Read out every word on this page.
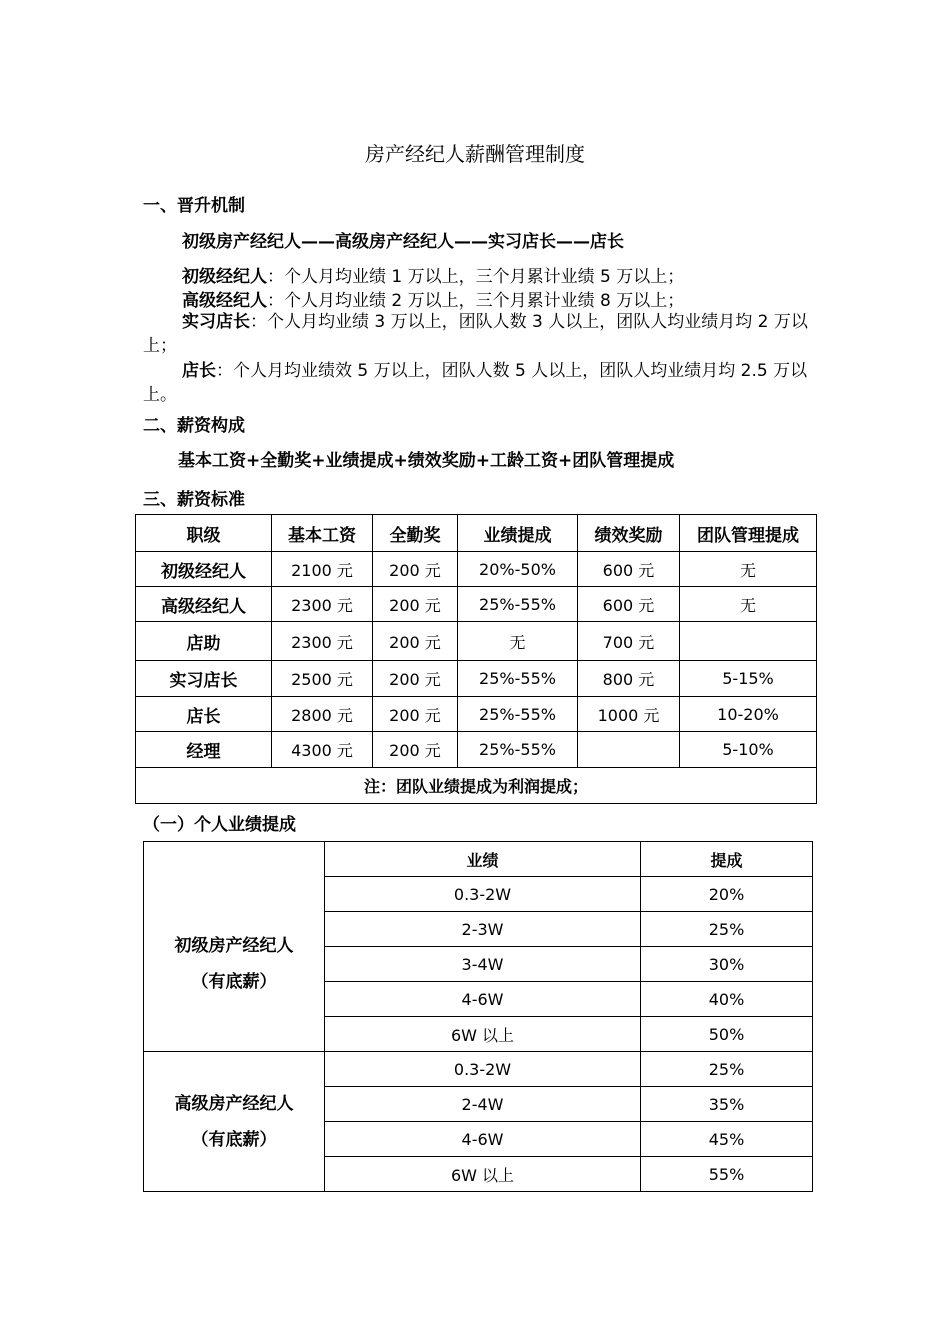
房产经纪人薪酬管理制度
一、晋升机制
初级房产经纪人——高级房产经纪人——实习店长——店长
初级经纪人：个人月均业绩 1 万以上，三个月累计业绩 5 万以上；
高级经纪人：个人月均业绩 2 万以上，三个月累计业绩 8 万以上；
实习店长：个人月均业绩 3 万以上，团队人数 3 人以上，团队人均业绩月均 2 万以上；
店长：个人月均业绩效 5 万以上，团队人数 5 人以上，团队人均业绩月均 2.5 万以上。
二、薪资构成
基本工资+全勤奖+业绩提成+绩效奖励+工龄工资+团队管理提成
三、薪资标准
职级	基本工资	全勤奖	业绩提成	绩效奖励	团队管理提成
初级经纪人	2100 元	200 元	20%-50%	600 元	无
高级经纪人	2300 元	200 元	25%-55%	600 元	无
店助	2300 元	200 元	无	700 元	
实习店长	2500 元	200 元	25%-55%	800 元	5-15%
店长	2800 元	200 元	25%-55%	1000 元	10-20%
经理	4300 元	200 元	25%-55%		5-10%
注：团队业绩提成为利润提成；					
（一）个人业绩提成
	业绩	提成

初级房产经纪人
（有底薪）	0.3-2W	20%
	2-3W	25%
	3-4W	30%
	4-6W	40%
	6W 以上	50%

高级房产经纪人
（有底薪）	0.3-2W	25%
	2-4W	35%
	4-6W	45%
	6W 以上	55%
